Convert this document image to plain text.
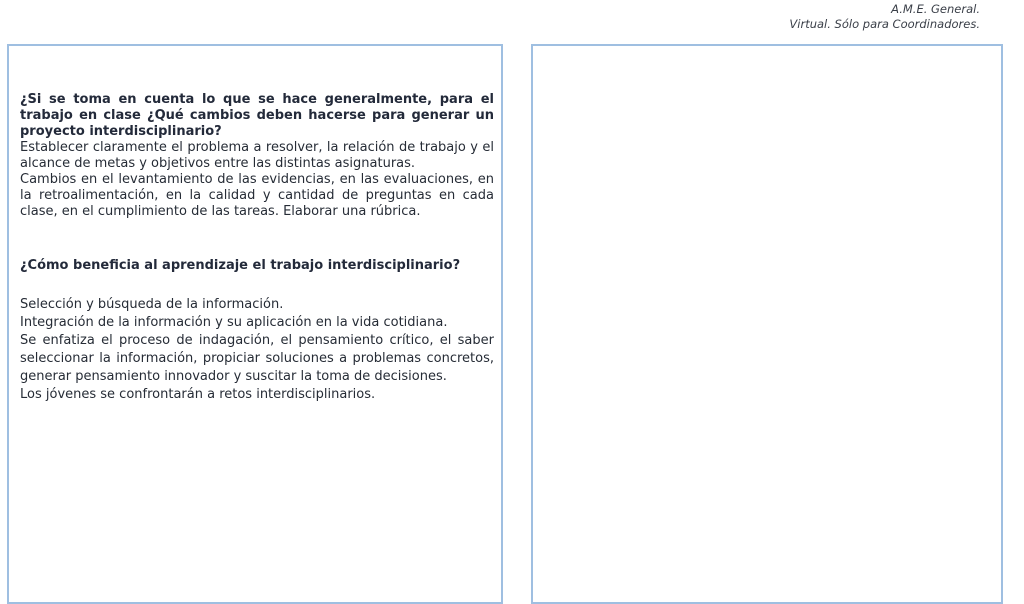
A.M.E. General.
Virtual. Sólo para Coordinadores.

¿Si se toma en cuenta lo que se hace generalmente, para el trabajo en clase ¿Qué cambios deben hacerse para generar un proyecto interdisciplinario?

Establecer claramente el problema a resolver, la relación de trabajo y el alcance de metas y objetivos entre las distintas asignaturas.

Cambios en el levantamiento de las evidencias, en las evaluaciones, en la retroalimentación, en la calidad y cantidad de preguntas en cada clase, en el cumplimiento de las tareas. Elaborar una rúbrica.

¿Cómo beneficia al aprendizaje el trabajo interdisciplinario?

Selección y búsqueda de la información.

Integración de la información y su aplicación en la vida cotidiana.

Se enfatiza el proceso de indagación, el pensamiento crítico, el saber seleccionar la información, propiciar soluciones a problemas concretos, generar pensamiento innovador y suscitar la toma de decisiones.

Los jóvenes se confrontarán a retos interdisciplinarios.
